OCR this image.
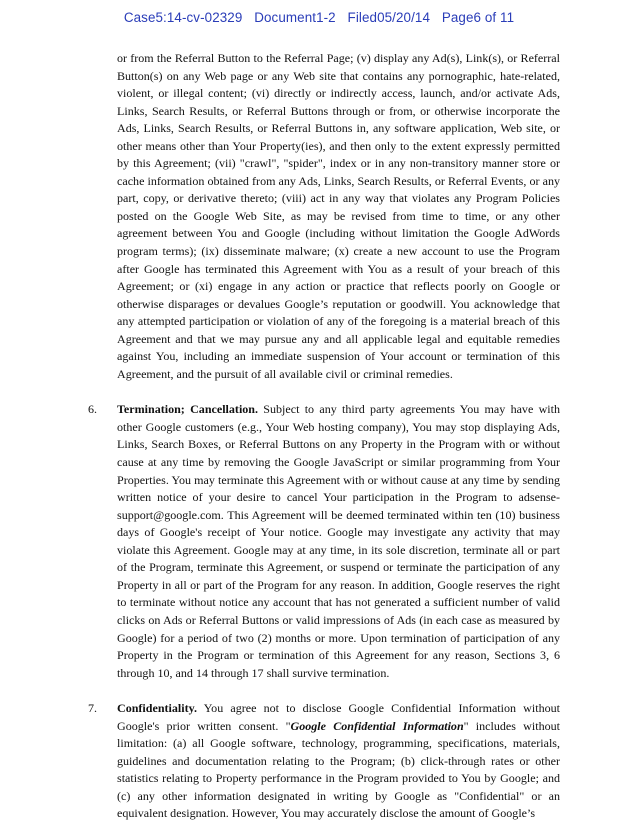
Case5:14-cv-02329 Document1-2 Filed05/20/14 Page6 of 11

or from the Referral Button to the Referral Page; (v) display any Ad(s), Link(s), or Referral Button(s) on any Web page or any Web site that contains any pornographic, hate-related, violent, or illegal content; (vi) directly or indirectly access, launch, and/or activate Ads, Links, Search Results, or Referral Buttons through or from, or otherwise incorporate the Ads, Links, Search Results, or Referral Buttons in, any software application, Web site, or other means other than Your Property(ies), and then only to the extent expressly permitted by this Agreement; (vii) "crawl", "spider", index or in any non-transitory manner store or cache information obtained from any Ads, Links, Search Results, or Referral Events, or any part, copy, or derivative thereto; (viii) act in any way that violates any Program Policies posted on the Google Web Site, as may be revised from time to time, or any other agreement between You and Google (including without limitation the Google AdWords program terms); (ix) disseminate malware; (x) create a new account to use the Program after Google has terminated this Agreement with You as a result of your breach of this Agreement; or (xi) engage in any action or practice that reflects poorly on Google or otherwise disparages or devalues Google’s reputation or goodwill. You acknowledge that any attempted participation or violation of any of the foregoing is a material breach of this Agreement and that we may pursue any and all applicable legal and equitable remedies against You, including an immediate suspension of Your account or termination of this Agreement, and the pursuit of all available civil or criminal remedies.

6. Termination; Cancellation. Subject to any third party agreements You may have with other Google customers (e.g., Your Web hosting company), You may stop displaying Ads, Links, Search Boxes, or Referral Buttons on any Property in the Program with or without cause at any time by removing the Google JavaScript or similar programming from Your Properties. You may terminate this Agreement with or without cause at any time by sending written notice of your desire to cancel Your participation in the Program to adsense-support@google.com. This Agreement will be deemed terminated within ten (10) business days of Google's receipt of Your notice. Google may investigate any activity that may violate this Agreement. Google may at any time, in its sole discretion, terminate all or part of the Program, terminate this Agreement, or suspend or terminate the participation of any Property in all or part of the Program for any reason. In addition, Google reserves the right to terminate without notice any account that has not generated a sufficient number of valid clicks on Ads or Referral Buttons or valid impressions of Ads (in each case as measured by Google) for a period of two (2) months or more. Upon termination of participation of any Property in the Program or termination of this Agreement for any reason, Sections 3, 6 through 10, and 14 through 17 shall survive termination.

7. Confidentiality. You agree not to disclose Google Confidential Information without Google's prior written consent. "Google Confidential Information" includes without limitation: (a) all Google software, technology, programming, specifications, materials, guidelines and documentation relating to the Program; (b) click-through rates or other statistics relating to Property performance in the Program provided to You by Google; and (c) any other information designated in writing by Google as "Confidential" or an equivalent designation. However, You may accurately disclose the amount of Google’s
